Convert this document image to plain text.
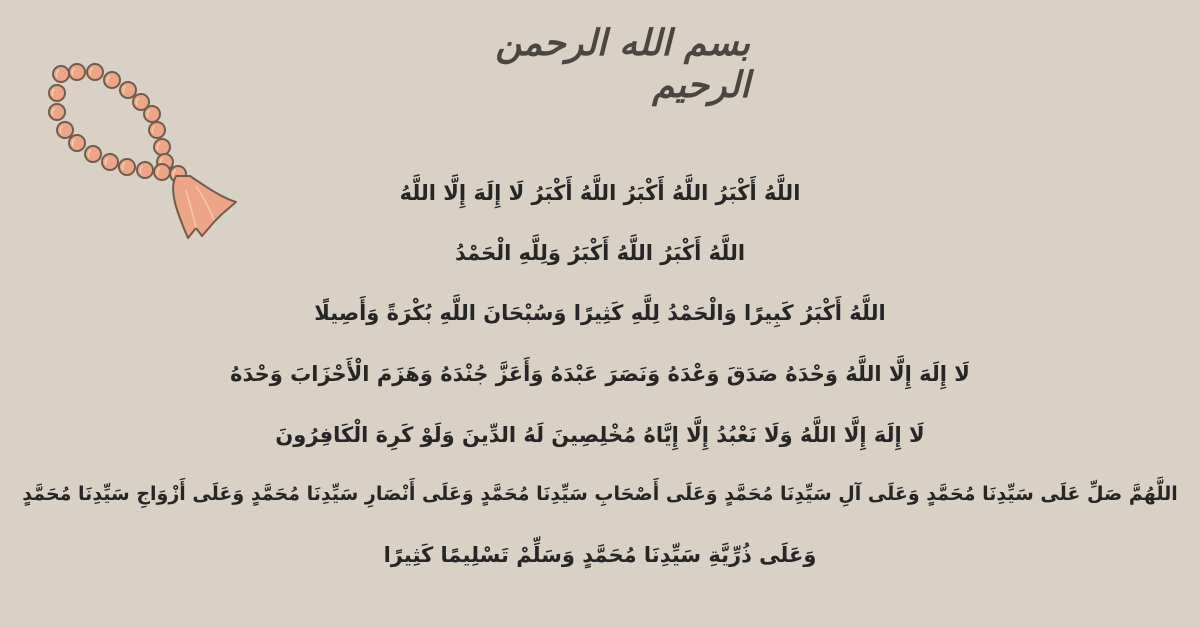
بسم الله الرحمن الرحيم
اللَّهُ أَكْبَرُ اللَّهُ أَكْبَرُ اللَّهُ أَكْبَرُ لَا إِلَهَ إِلَّا اللَّهُ
اللَّهُ أَكْبَرُ اللَّهُ أَكْبَرُ وَلِلَّهِ الْحَمْدُ
اللَّهُ أَكْبَرُ كَبِيرًا وَالْحَمْدُ لِلَّهِ كَثِيرًا وَسُبْحَانَ اللَّهِ بُكْرَةً وَأَصِيلًا
لَا إِلَهَ إِلَّا اللَّهُ وَحْدَهُ صَدَقَ وَعْدَهُ وَنَصَرَ عَبْدَهُ وَأَعَزَّ جُنْدَهُ وَهَزَمَ الْأَحْزَابَ وَحْدَهُ
لَا إِلَهَ إِلَّا اللَّهُ وَلَا نَعْبُدُ إِلَّا إِيَّاهُ مُخْلِصِينَ لَهُ الدِّينَ وَلَوْ كَرِهَ الْكَافِرُونَ
اللَّهُمَّ صَلِّ عَلَى سَيِّدِنَا مُحَمَّدٍ وَعَلَى آلِ سَيِّدِنَا مُحَمَّدٍ وَعَلَى أَصْحَابِ سَيِّدِنَا مُحَمَّدٍ وَعَلَى أَنْصَارِ سَيِّدِنَا مُحَمَّدٍ وَعَلَى أَزْوَاجِ سَيِّدِنَا مُحَمَّدٍ
وَعَلَى ذُرِّيَّةِ سَيِّدِنَا مُحَمَّدٍ وَسَلِّمْ تَسْلِيمًا كَثِيرًا
